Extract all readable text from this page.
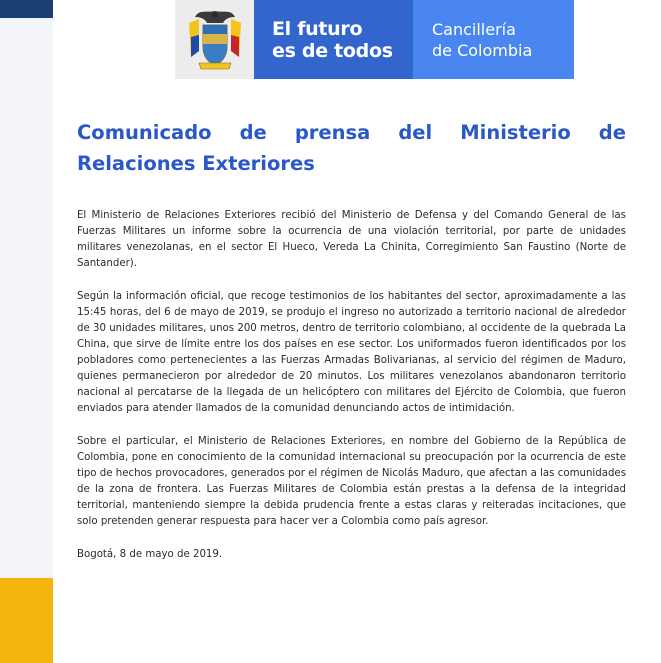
El futuro
es de todos
Cancillería
de Colombia
Comunicado de prensa del Ministerio de Relaciones Exteriores

El Ministerio de Relaciones Exteriores recibió del Ministerio de Defensa y del Comando General de las Fuerzas Militares un informe sobre la ocurrencia de una violación territorial, por parte de unidades militares venezolanas, en el sector El Hueco, Vereda La Chinita, Corregimiento San Faustino (Norte de Santander).

Según la información oficial, que recoge testimonios de los habitantes del sector, aproximadamente a las 15:45 horas, del 6 de mayo de 2019, se produjo el ingreso no autorizado a territorio nacional de alrededor de 30 unidades militares, unos 200 metros, dentro de territorio colombiano, al occidente de la quebrada La China, que sirve de límite entre los dos países en ese sector. Los uniformados fueron identificados por los pobladores como pertenecientes a las Fuerzas Armadas Bolivarianas, al servicio del régimen de Maduro, quienes permanecieron por alrededor de 20 minutos. Los militares venezolanos abandonaron territorio nacional al percatarse de la llegada de un helicóptero con militares del Ejército de Colombia, que fueron enviados para atender llamados de la comunidad denunciando actos de intimidación.

Sobre el particular, el Ministerio de Relaciones Exteriores, en nombre del Gobierno de la República de Colombia, pone en conocimiento de la comunidad internacional su preocupación por la ocurrencia de este tipo de hechos provocadores, generados por el régimen de Nicolás Maduro, que afectan a las comunidades de la zona de frontera. Las Fuerzas Militares de Colombia están prestas a la defensa de la integridad territorial, manteniendo siempre la debida prudencia frente a estas claras y reiteradas incitaciones, que solo pretenden generar respuesta para hacer ver a Colombia como país agresor.

Bogotá, 8 de mayo de 2019.
